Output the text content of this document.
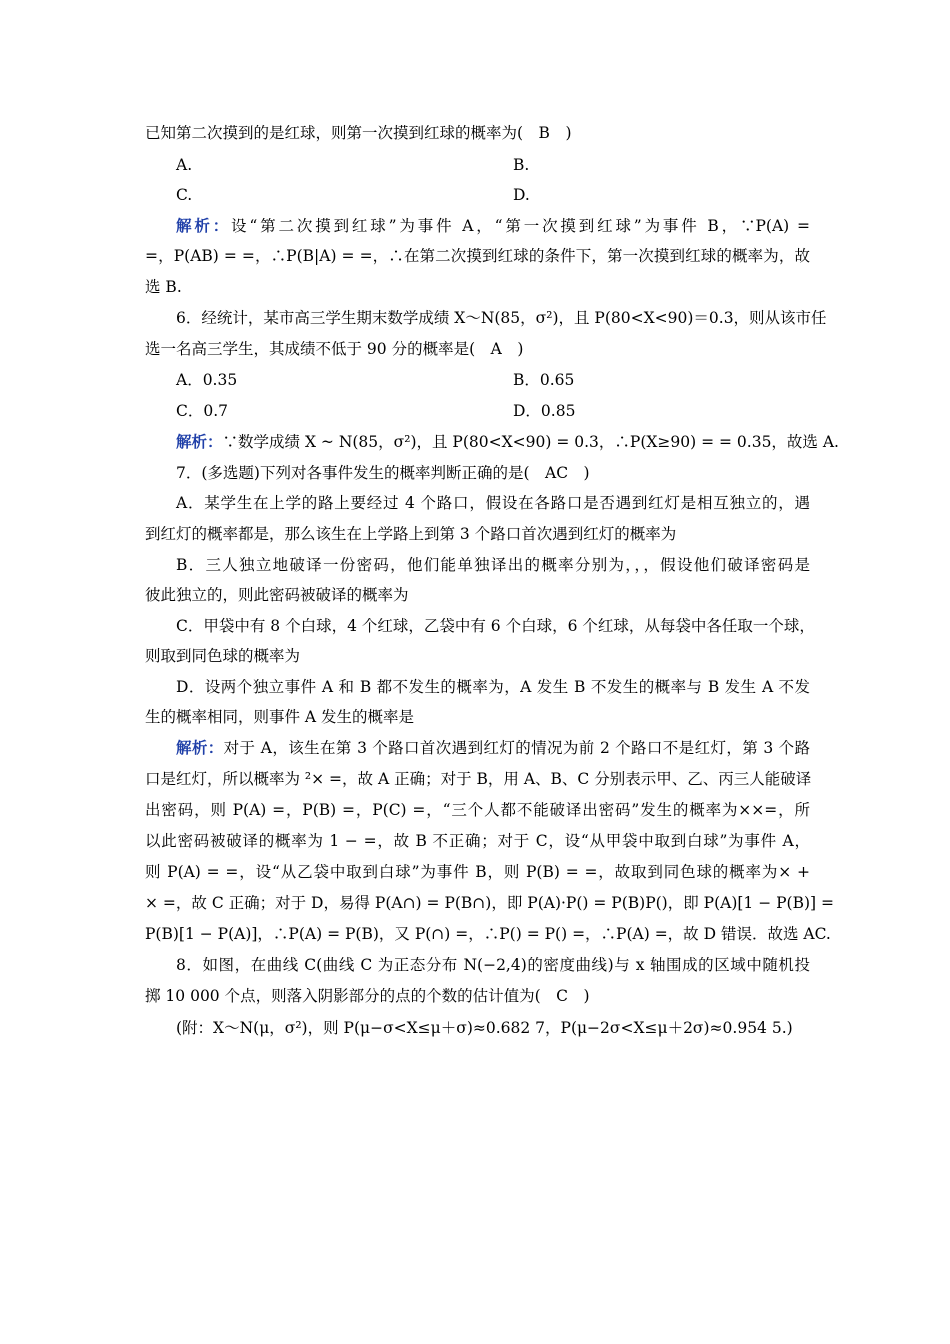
已知第二次摸到的是红球，则第一次摸到红球的概率为(　B　)
A.	B.
C.	D.
解析：设“第二次摸到红球”为事件 A，“第一次摸到红球”为事件 B，∵P(A) =
=，P(AB) = =，∴P(B|A) = =，∴在第二次摸到红球的条件下，第一次摸到红球的概率为，故
选 B.
6．经统计，某市高三学生期末数学成绩 X～N(85，σ²)，且 P(80<X<90)＝0.3，则从该市任
选一名高三学生，其成绩不低于 90 分的概率是(　A　)
A．0.35	B．0.65
C．0.7	D．0.85
解析：∵数学成绩 X ~ N(85，σ²)，且 P(80<X<90) = 0.3，∴P(X≥90) = = 0.35，故选 A.
7．(多选题)下列对各事件发生的概率判断正确的是(　AC　)
A．某学生在上学的路上要经过 4 个路口，假设在各路口是否遇到红灯是相互独立的，遇
到红灯的概率都是，那么该生在上学路上到第 3 个路口首次遇到红灯的概率为
B．三人独立地破译一份密码，他们能单独译出的概率分别为，，，假设他们破译密码是
彼此独立的，则此密码被破译的概率为
C．甲袋中有 8 个白球，4 个红球，乙袋中有 6 个白球，6 个红球，从每袋中各任取一个球，
则取到同色球的概率为
D．设两个独立事件 A 和 B 都不发生的概率为，A 发生 B 不发生的概率与 B 发生 A 不发
生的概率相同，则事件 A 发生的概率是
解析：对于 A，该生在第 3 个路口首次遇到红灯的情况为前 2 个路口不是红灯，第 3 个路
口是红灯，所以概率为 ²× =，故 A 正确；对于 B，用 A、B、C 分别表示甲、乙、丙三人能破译
出密码，则 P(A) =，P(B) =，P(C) =，“三个人都不能破译出密码”发生的概率为××=，所
以此密码被破译的概率为 1 − =，故 B 不正确；对于 C，设“从甲袋中取到白球”为事件 A，
则 P(A) = =，设“从乙袋中取到白球”为事件 B，则 P(B) = =，故取到同色球的概率为× +
× =，故 C 正确；对于 D，易得 P(A∩) = P(B∩)，即 P(A)·P() = P(B)P()，即 P(A)[1 − P(B)] =
P(B)[1 − P(A)]，∴P(A) = P(B)，又 P(∩) =，∴P() = P() =，∴P(A) =，故 D 错误．故选 AC.
8．如图，在曲线 C(曲线 C 为正态分布 N(−2,4)的密度曲线)与 x 轴围成的区域中随机投
掷 10 000 个点，则落入阴影部分的点的个数的估计值为(　C　)
(附：X～N(μ，σ²)，则 P(μ−σ<X≤μ＋σ)≈0.682 7，P(μ−2σ<X≤μ＋2σ)≈0.954 5.)
